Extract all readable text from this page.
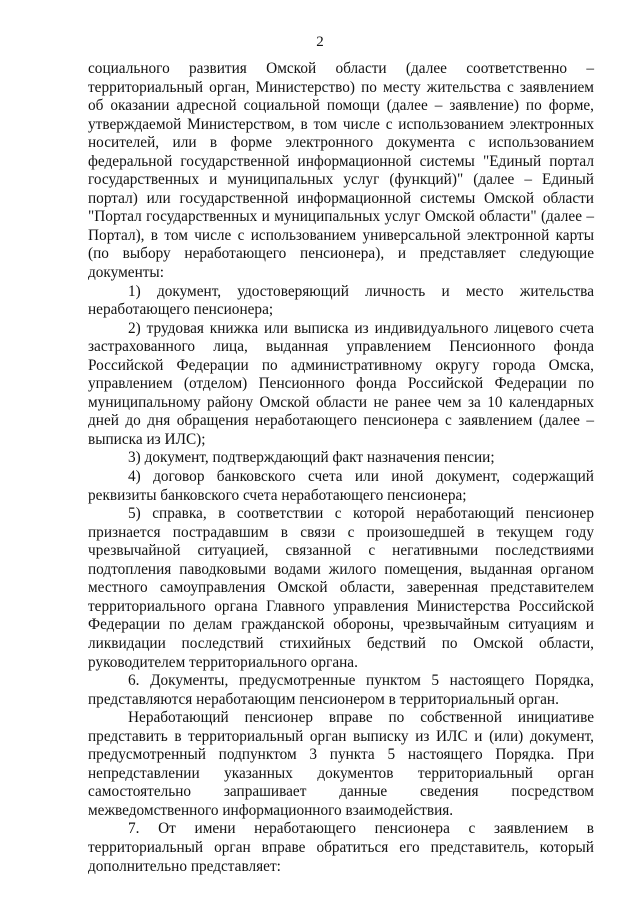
2

социального развития Омской области (далее соответственно – территориальный орган, Министерство) по месту жительства с заявлением об оказании адресной социальной помощи (далее – заявление) по форме, утверждаемой Министерством, в том числе с использованием электронных носителей, или в форме электронного документа с использованием федеральной государственной информационной системы "Единый портал государственных и муниципальных услуг (функций)" (далее – Единый портал) или государственной информационной системы Омской области "Портал государственных и муниципальных услуг Омской области" (далее – Портал), в том числе с использованием универсальной электронной карты (по выбору неработающего пенсионера), и представляет следующие документы:

1) документ, удостоверяющий личность и место жительства неработающего пенсионера;

2) трудовая книжка или выписка из индивидуального лицевого счета застрахованного лица, выданная управлением Пенсионного фонда Российской Федерации по административному округу города Омска, управлением (отделом) Пенсионного фонда Российской Федерации по муниципальному району Омской области не ранее чем за 10 календарных дней до дня обращения неработающего пенсионера с заявлением (далее – выписка из ИЛС);

3) документ, подтверждающий факт назначения пенсии;

4) договор банковского счета или иной документ, содержащий реквизиты банковского счета неработающего пенсионера;

5) справка, в соответствии с которой неработающий пенсионер признается пострадавшим в связи с произошедшей в текущем году чрезвычайной ситуацией, связанной с негативными последствиями подтопления паводковыми водами жилого помещения, выданная органом местного самоуправления Омской области, заверенная представителем территориального органа Главного управления Министерства Российской Федерации по делам гражданской обороны, чрезвычайным ситуациям и ликвидации последствий стихийных бедствий по Омской области, руководителем территориального органа.

6. Документы, предусмотренные пунктом 5 настоящего Порядка, представляются неработающим пенсионером в территориальный орган.

Неработающий пенсионер вправе по собственной инициативе представить в территориальный орган выписку из ИЛС и (или) документ, предусмотренный подпунктом 3 пункта 5 настоящего Порядка. При непредставлении указанных документов территориальный орган самостоятельно запрашивает данные сведения посредством межведомственного информационного взаимодействия.

7. От имени неработающего пенсионера с заявлением в территориальный орган вправе обратиться его представитель, который дополнительно представляет:
